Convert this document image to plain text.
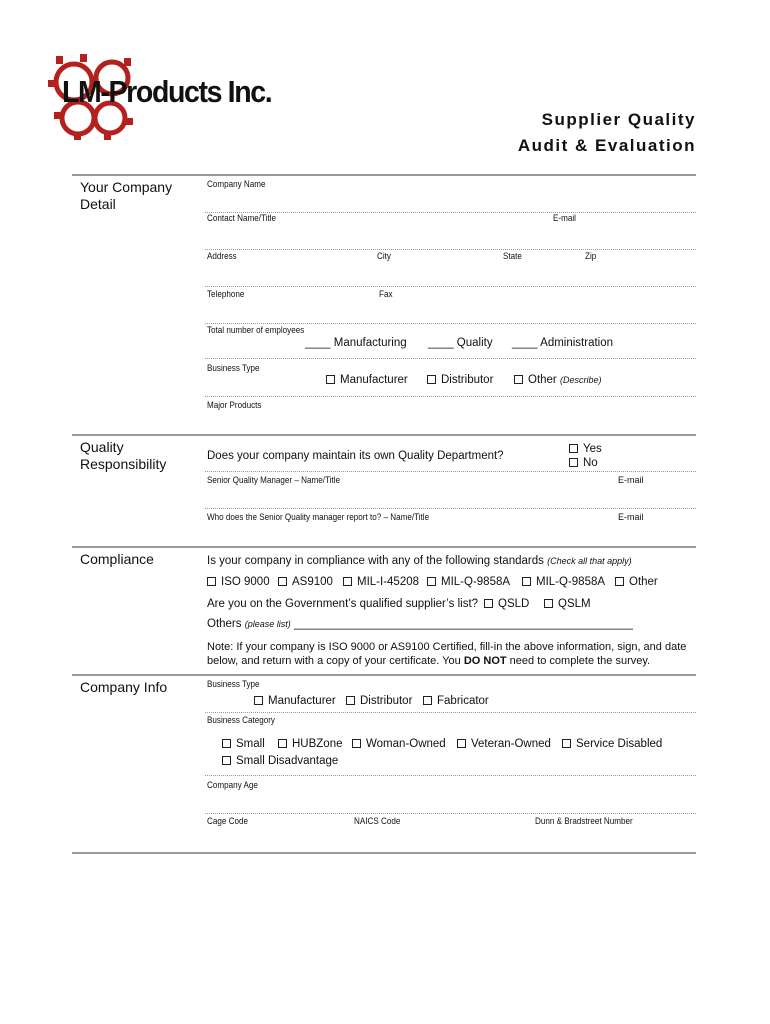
LM-Products Inc.
Supplier Quality
Audit & Evaluation
Your Company Detail
Company Name
Contact Name/Title	E-mail
Address	City	State	Zip
Telephone	Fax
Total number of employees
____ Manufacturing ____ Quality ____ Administration
Business Type
Manufacturer	Distributor	Other (Describe)
Major Products
Quality Responsibility	Does your company maintain its own Quality Department?
Yes
No
Senior Quality Manager – Name/Title	E-mail
Who does the Senior Quality manager report to? – Name/Title	E-mail
Compliance	Is your company in compliance with any of the following standards (Check all that apply)
ISO 9000	AS9100	MIL-I-45208	MIL-Q-9858A	MIL-Q-9858A	Other
Are you on the Government’s qualified supplier’s list?	QSLD	QSLM
Others (please list) _____________________________________________________
Note: If your company is ISO 9000 or AS9100 Certified, fill-in the above information, sign, and date below, and return with a copy of your certificate. You DO NOT need to complete the survey.
Company Info	Business Type
Manufacturer	Distributor	Fabricator
Business Category
Small	HUBZone	Woman-Owned	Veteran-Owned	Service Disabled
Small Disadvantage
Company Age
Cage Code	NAICS Code	Dunn & Bradstreet Number
